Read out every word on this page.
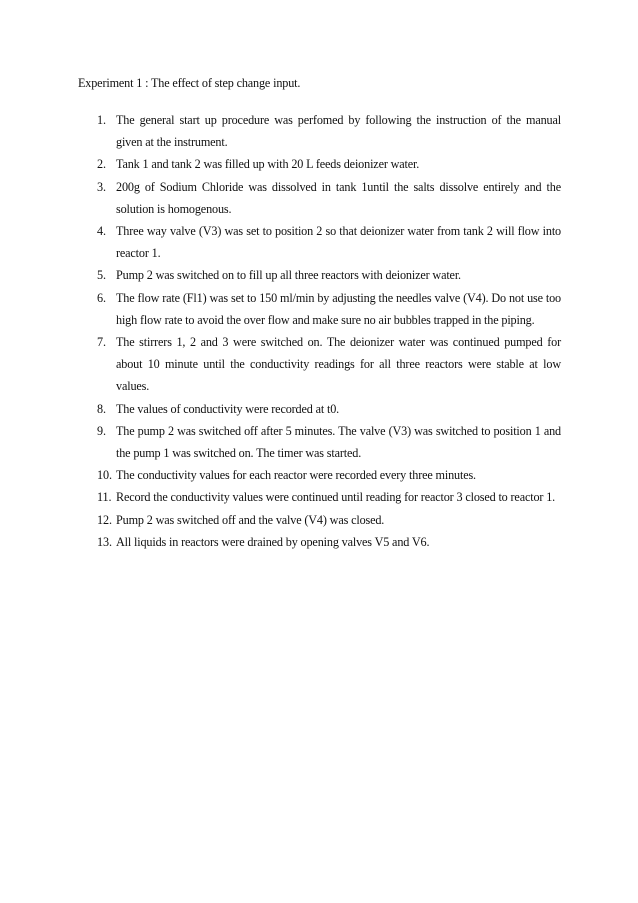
Experiment 1 : The effect of step change input.
1. The general start up procedure was perfomed by following the instruction of the manual given at the instrument.
2. Tank 1 and tank 2 was filled up with 20 L feeds deionizer water.
3. 200g of Sodium Chloride was dissolved in tank 1until the salts dissolve entirely and the solution is homogenous.
4. Three way valve (V3) was set to position 2 so that deionizer water from tank 2 will flow into reactor 1.
5. Pump 2 was switched on to fill up all three reactors with deionizer water.
6. The flow rate (Fl1) was set to 150 ml/min by adjusting the needles valve (V4). Do not use too high flow rate to avoid the over flow and make sure no air bubbles trapped in the piping.
7. The stirrers 1, 2 and 3 were switched on. The deionizer water was continued pumped for about 10 minute until the conductivity readings for all three reactors were stable at low values.
8. The values of conductivity were recorded at t0.
9. The pump 2 was switched off after 5 minutes. The valve (V3) was switched to position 1 and the pump 1 was switched on. The timer was started.
10. The conductivity values for each reactor were recorded every three minutes.
11. Record the conductivity values were continued until reading for reactor 3 closed to reactor 1.
12. Pump 2 was switched off and the valve (V4) was closed.
13. All liquids in reactors were drained by opening valves V5 and V6.
